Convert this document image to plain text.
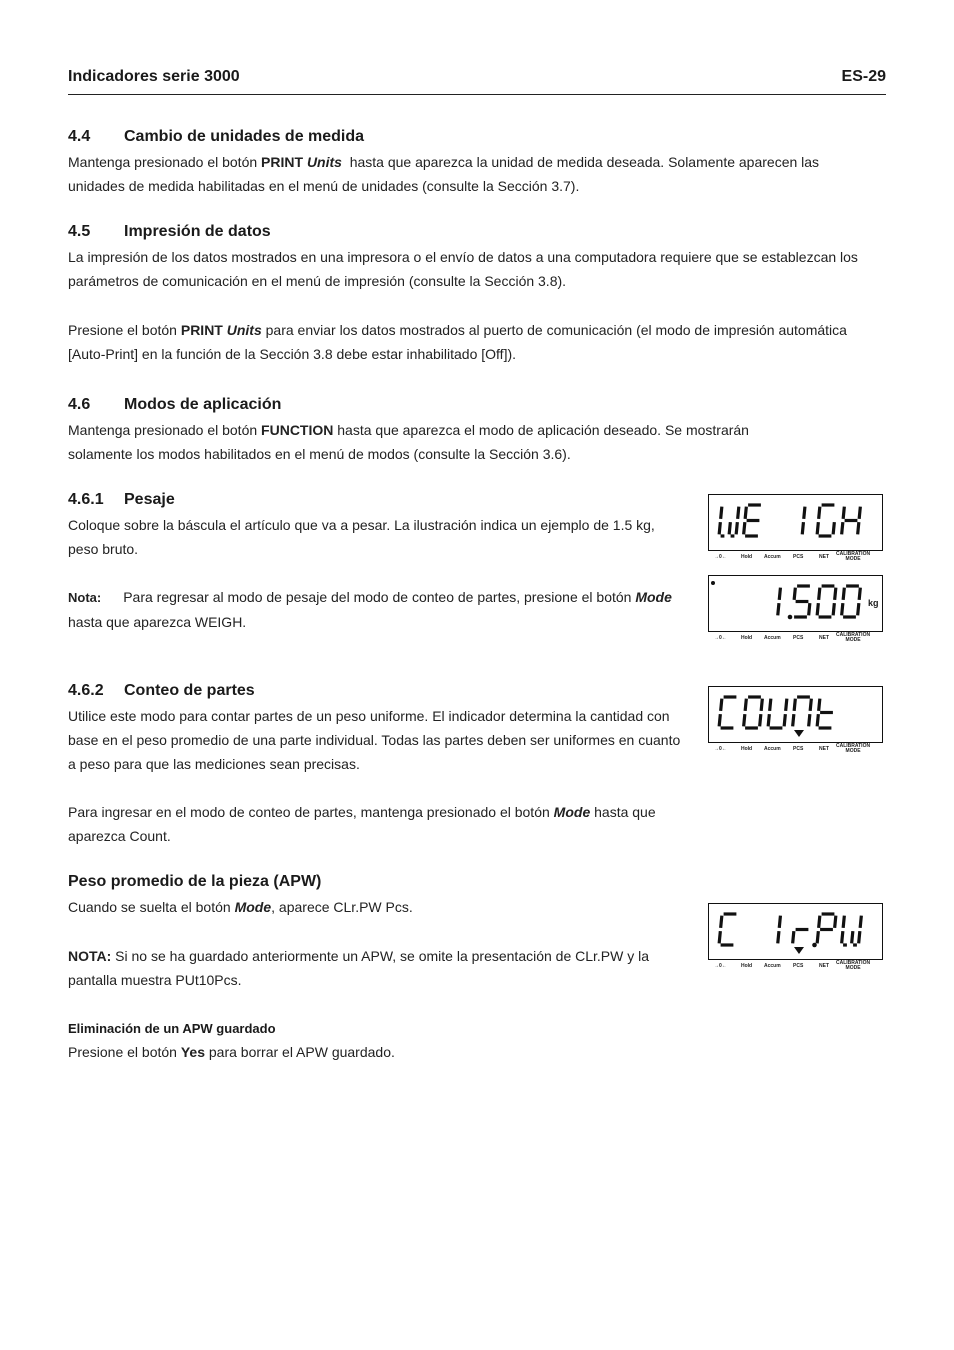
Indicadores serie 3000	ES-29
4.4 Cambio de unidades de medida
Mantenga presionado el botón PRINT Units  hasta que aparezca la unidad de medida deseada. Solamente aparecen las
unidades de medida habilitadas en el menú de unidades (consulte la Sección 3.7).
4.5 Impresión de datos
La impresión de los datos mostrados en una impresora o el envío de datos a una computadora requiere que se establezcan los
parámetros de comunicación en el menú de impresión (consulte la Sección 3.8).
Presione el botón PRINT Units para enviar los datos mostrados al puerto de comunicación (el modo de impresión automática
[Auto-Print] en la función de la Sección 3.8 debe estar inhabilitado [Off]).
4.6 Modos de aplicación
Mantenga presionado el botón FUNCTION hasta que aparezca el modo de aplicación deseado. Se mostrarán
solamente los modos habilitados en el menú de modos (consulte la Sección 3.6).
4.6.1 Pesaje
Coloque sobre la báscula el artículo que va a pesar. La ilustración indica un ejemplo de 1.5 kg,
peso bruto.
Nota: Para regresar al modo de pesaje del modo de conteo de partes, presione el botón Mode
hasta que aparezca WEIGH.
4.6.2 Conteo de partes
Utilice este modo para contar partes de un peso uniforme. El indicador determina la cantidad con
base en el peso promedio de una parte individual. Todas las partes deben ser uniformes en cuanto
a peso para que las mediciones sean precisas.
Para ingresar en el modo de conteo de partes, mantenga presionado el botón Mode hasta que
aparezca Count.
Peso promedio de la pieza (APW)
Cuando se suelta el botón Mode, aparece CLr.PW Pcs.
NOTA: Si no se ha guardado anteriormente un APW, se omite la presentación de CLr.PW y la
pantalla muestra PUt10Pcs.
Eliminación de un APW guardado
Presione el botón Yes para borrar el APW guardado.
→0←	Hold Accum PCS	NET CALIBRATION
MODE
kg
→0←	Hold Accum PCS	NET CALIBRATION
MODE
→0←	Hold Accum PCS	NET CALIBRATION
MODE
→0←	Hold Accum PCS	NET CALIBRATION
MODE
